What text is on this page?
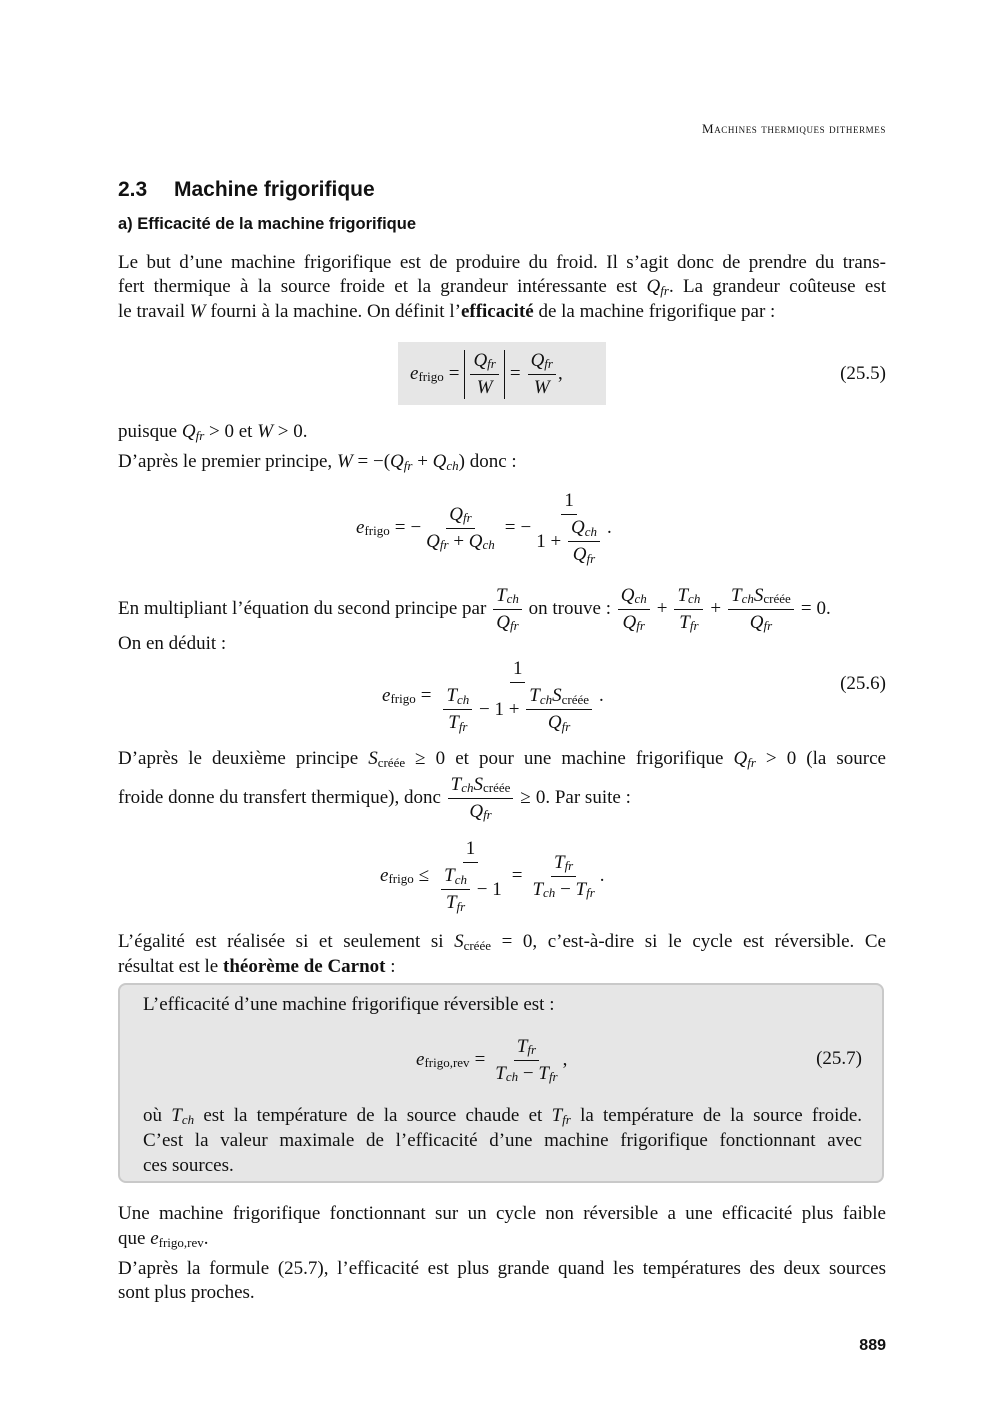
Machines thermiques dithermes
2.3 Machine frigorifique
a) Efficacité de la machine frigorifique
Le but d’une machine frigorifique est de produire du froid. Il s’agit donc de prendre du trans-
fert thermique à la source froide et la grandeur intéressante est $Q_{fr}$. La grandeur coûteuse est
le travail W fourni à la machine. On définit l’efficacité de la machine frigorifique par :
$e_{frigo} = \frac{Q_{fr}}{W} = \frac{Q_{fr}}{W}$ ,	(25.5)
puisque $Q_{fr} > 0$ et W > 0.
D’après le premier principe, $W = -(Q_{fr} + Q_{ch})$ donc :
$e_{frigo}$ = − $\frac{Q_{fr}}{Q_{fr} + Q_{ch}}$ = − $\frac{1}{1 + \frac{Q_{ch}}{Q_{fr}}}$ .
En multipliant l’équation du second principe par
$\frac{T_{ch}}{Q_{fr}}$
on trouve :
$\frac{Q_{ch}}{Q_{fr}} + \frac{T_{ch}}{T_{fr}} + \frac{T_{ch}S_{créée}}{Q_{fr}} = 0$.
On en déduit :
$e_{frigo} = \frac{1}{\frac{T_{ch}}{T_{fr}} - 1 + \frac{T_{ch}S_{créée}}{Q_{fr}}}$ .
(25.6)
D’après le deuxième principe $S_{créée} \ge 0$ et pour une machine frigorifique $Q_{fr} > 0$ (la source
froide donne du transfert thermique), donc
$\frac{T_{ch}S_{créée}}{Q_{fr}} \ge 0$ . Par suite :
$e_{frigo} \le \frac{1}{\frac{T_{ch}}{T_{fr}} - 1} = \frac{T_{fr}}{T_{ch} - T_{fr}}$ .
L’égalité est réalisée si et seulement si $S_{créée} = 0$, c’est-à-dire si le cycle est réversible. Ce
résultat est le théorème de Carnot :
L’efficacité d’une machine frigorifique réversible est :
$e_{frigo,rev} = \frac{T_{fr}}{T_{ch} - T_{fr}}$ ,	(25.7)
où $T_{ch}$ est la température de la source chaude et $T_{fr}$ la température de la source froide.
C’est la valeur maximale de l’efficacité d’une machine frigorifique fonctionnant avec
ces sources.
Une machine frigorifique fonctionnant sur un cycle non réversible a une efficacité plus faible
que $e_{frigo,rev}$.
D’après la formule (25.7), l’efficacité est plus grande quand les températures des deux sources
sont plus proches.
889
